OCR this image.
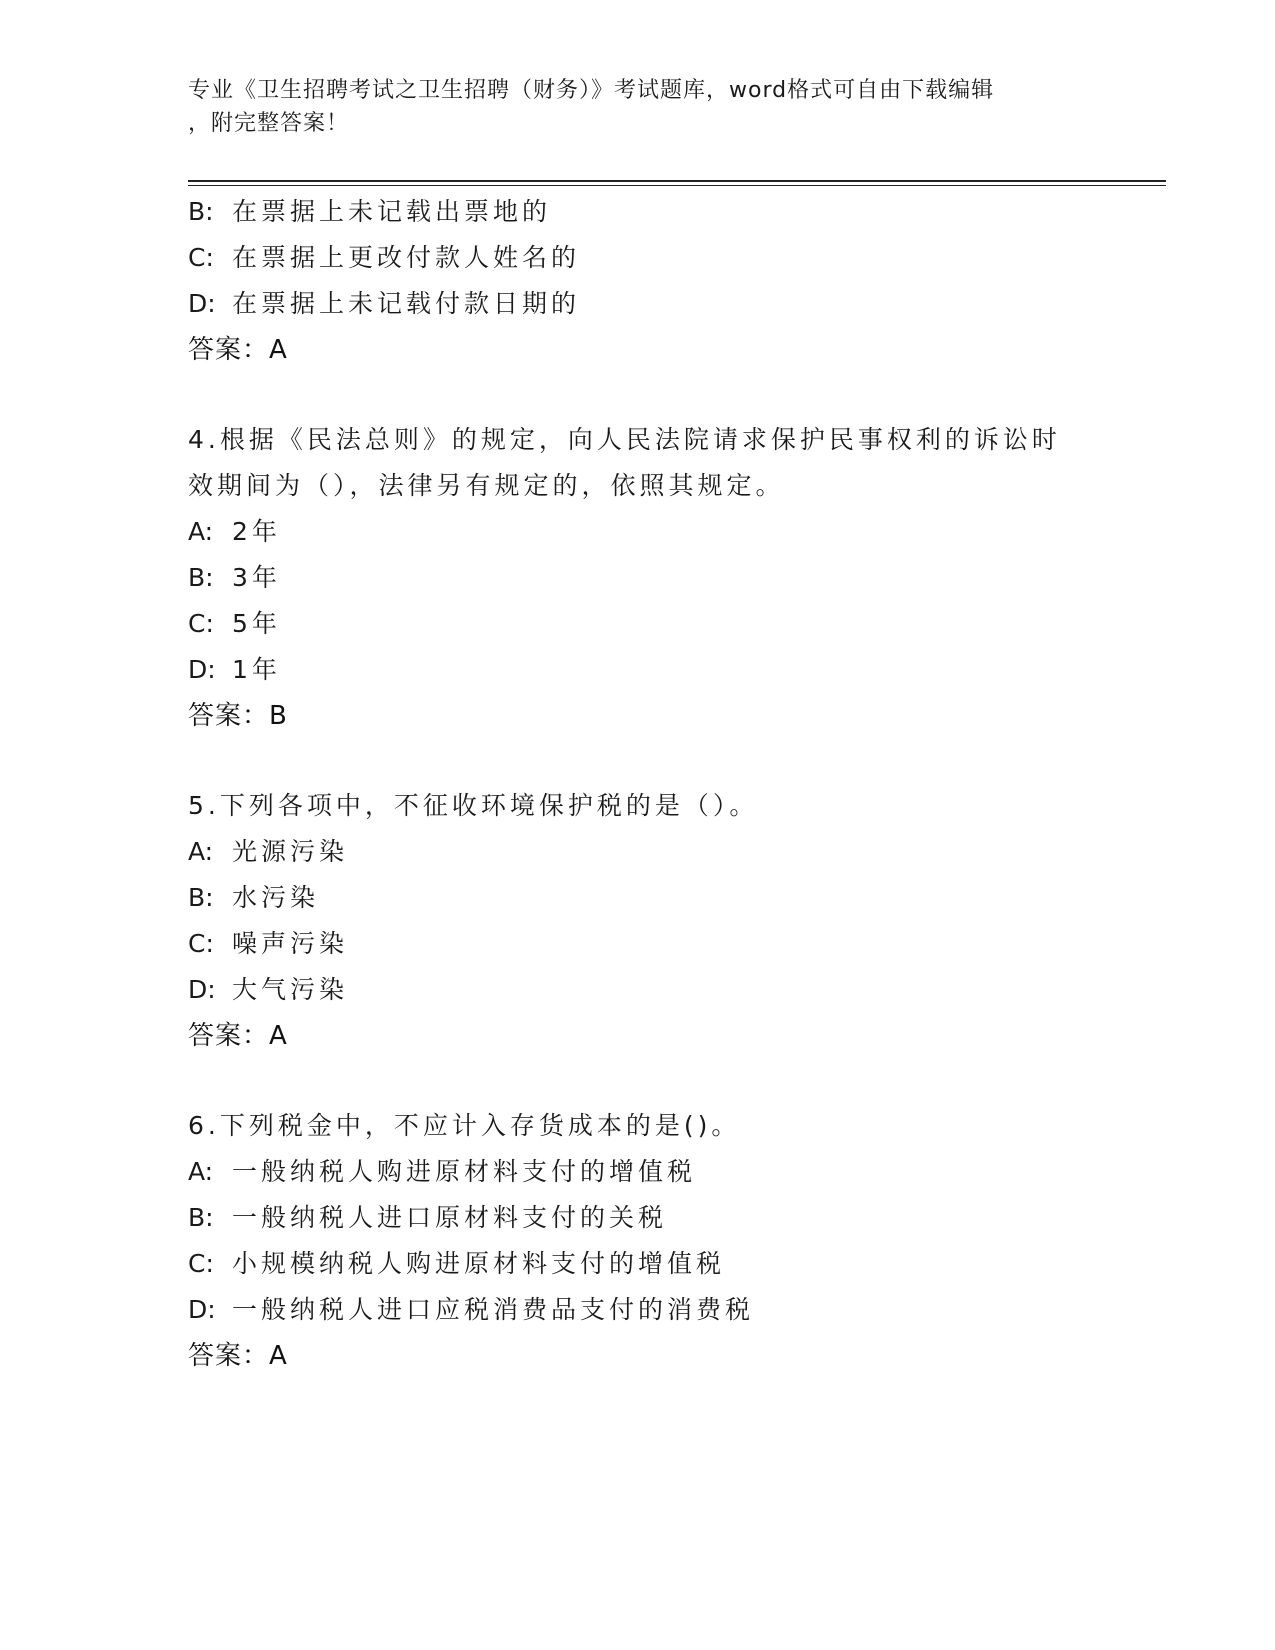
专业《卫生招聘考试之卫生招聘（财务）》考试题库，word格式可自由下载编辑
，附完整答案！
B: 在票据上未记载出票地的
C: 在票据上更改付款人姓名的
D: 在票据上未记载付款日期的
答案：A
4.根据《民法总则》的规定，向人民法院请求保护民事权利的诉讼时
效期间为（），法律另有规定的，依照其规定。
A: 2年
B: 3年
C: 5年
D: 1年
答案：B
5.下列各项中，不征收环境保护税的是（）。
A: 光源污染
B: 水污染
C: 噪声污染
D: 大气污染
答案：A
6.下列税金中，不应计入存货成本的是()。
A: 一般纳税人购进原材料支付的增值税
B: 一般纳税人进口原材料支付的关税
C: 小规模纳税人购进原材料支付的增值税
D: 一般纳税人进口应税消费品支付的消费税
答案：A
